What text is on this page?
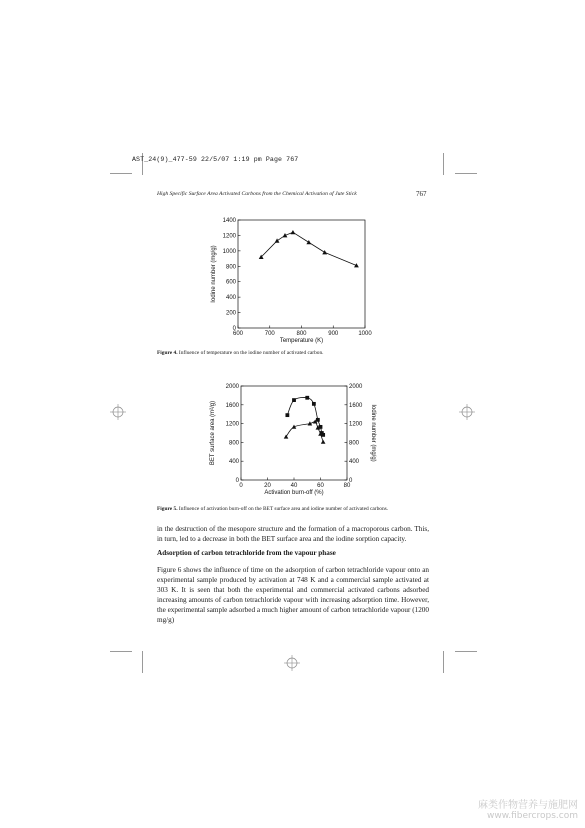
AST_24(9)_477-59 22/5/07 1:19 pm Page 767
High Specific Surface Area Activated Carbons from the Chemical Activation of Jute Stick	767
600	700	800	900	1000
0
200
400
600
800
1000
1200
1400
Temperature (K)
Iodine number (mg/g)
Figure 4. Influence of temperature on the iodine number of activated carbon.
0	20	40	60	80
0
400
800
1200
1600
2000
0
400
800
1200
1600
2000
Activation burn-off (%)
BET surface area (m²/g)	Iodine number (mg/g)
Figure 5. Influence of activation burn-off on the BET surface area and iodine number of activated carbons.
in the destruction of the mesopore structure and the formation of a macroporous carbon. This, in turn, led to a decrease in both the BET surface area and the iodine sorption capacity.
Adsorption of carbon tetrachloride from the vapour phase
Figure 6 shows the influence of time on the adsorption of carbon tetrachloride vapour onto an experimental sample produced by activation at 748 K and a commercial sample activated at 303 K. It is seen that both the experimental and commercial activated carbons adsorbed increasing amounts of carbon tetrachloride vapour with increasing adsorption time. However, the experimental sample adsorbed a much higher amount of carbon tetrachloride vapour (1200 mg/g)
麻类作物营养与施肥网
www.fibercrops.com
